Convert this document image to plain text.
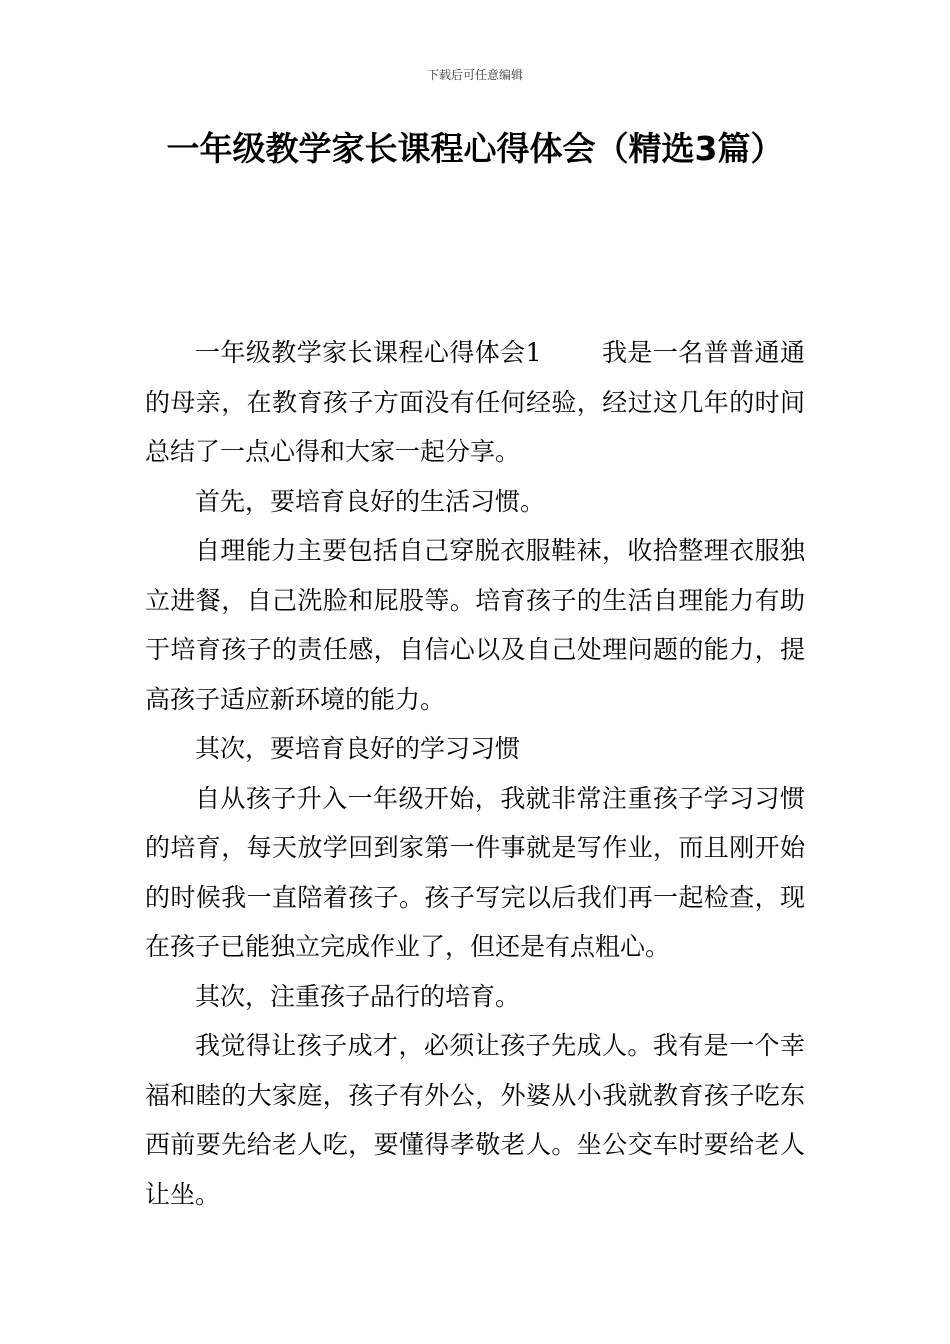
下载后可任意编辑
一年级教学家长课程心得体会（精选3篇）

一年级教学家长课程心得体会1 我是一名普普通通的母亲，在教育孩子方面没有任何经验，经过这几年的时间总结了一点心得和大家一起分享。

首先，要培育良好的生活习惯。

自理能力主要包括自己穿脱衣服鞋袜，收拾整理衣服独立进餐，自己洗脸和屁股等。培育孩子的生活自理能力有助于培育孩子的责任感，自信心以及自己处理问题的能力，提高孩子适应新环境的能力。

其次，要培育良好的学习习惯

自从孩子升入一年级开始，我就非常注重孩子学习习惯的培育，每天放学回到家第一件事就是写作业，而且刚开始的时候我一直陪着孩子。孩子写完以后我们再一起检查，现在孩子已能独立完成作业了，但还是有点粗心。

其次，注重孩子品行的培育。

我觉得让孩子成才，必须让孩子先成人。我有是一个幸福和睦的大家庭，孩子有外公，外婆从小我就教育孩子吃东西前要先给老人吃，要懂得孝敬老人。坐公交车时要给老人让坐。
